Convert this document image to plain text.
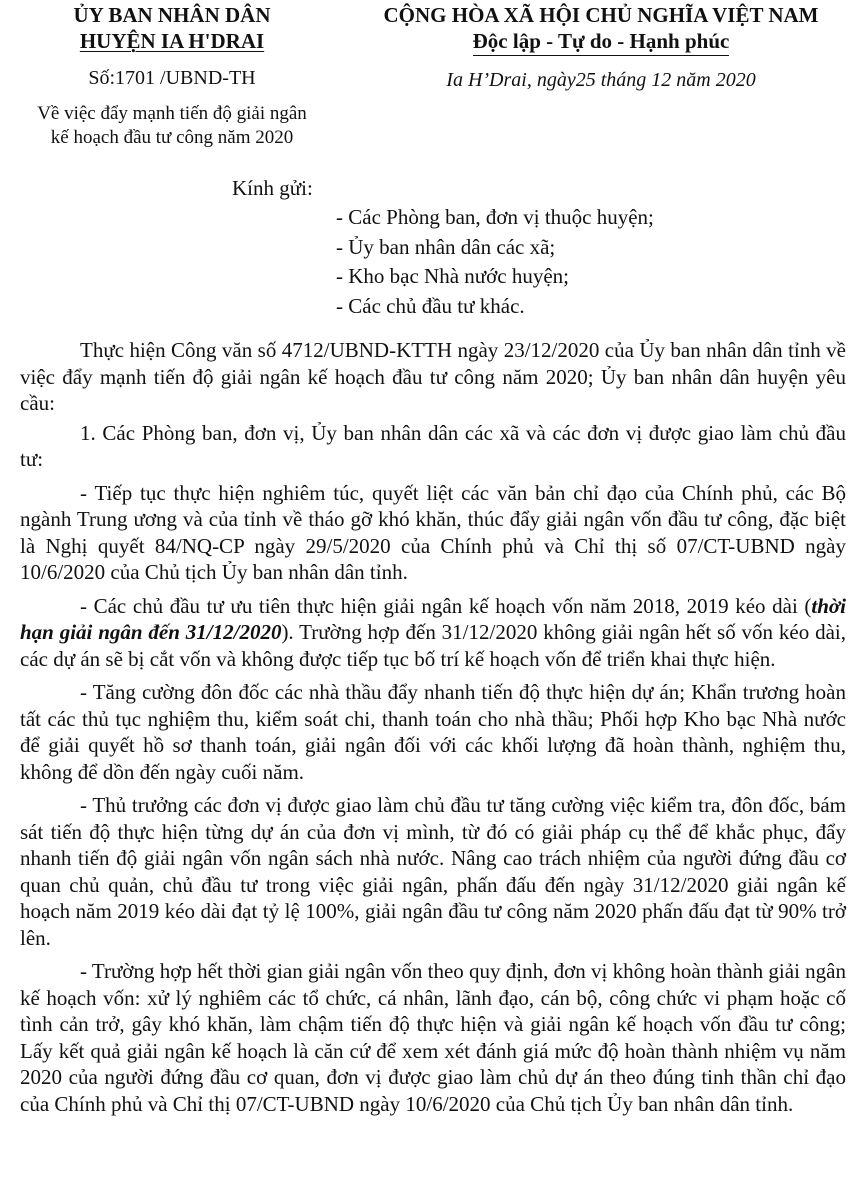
ỦY BAN NHÂN DÂN
HUYỆN IA H'DRAI
Số:1701 /UBND-TH
Về việc đẩy mạnh tiến độ giải ngân
kế hoạch đầu tư công năm 2020
CỘNG HÒA XÃ HỘI CHỦ NGHĨA VIỆT NAM
Độc lập - Tự do - Hạnh phúc
Ia H’Drai, ngày25 tháng 12 năm 2020
Kính gửi:
- Các Phòng ban, đơn vị thuộc huyện;
- Ủy ban nhân dân các xã;
- Kho bạc Nhà nước huyện;
- Các chủ đầu tư khác.

Thực hiện Công văn số 4712/UBND-KTTH ngày 23/12/2020 của Ủy ban nhân dân tỉnh về việc đẩy mạnh tiến độ giải ngân kế hoạch đầu tư công năm 2020; Ủy ban nhân dân huyện yêu cầu:

1. Các Phòng ban, đơn vị, Ủy ban nhân dân các xã và các đơn vị được giao làm chủ đầu tư:

- Tiếp tục thực hiện nghiêm túc, quyết liệt các văn bản chỉ đạo của Chính phủ, các Bộ ngành Trung ương và của tỉnh về tháo gỡ khó khăn, thúc đẩy giải ngân vốn đầu tư công, đặc biệt là Nghị quyết 84/NQ-CP ngày 29/5/2020 của Chính phủ và Chỉ thị số 07/CT-UBND ngày 10/6/2020 của Chủ tịch Ủy ban nhân dân tỉnh.

- Các chủ đầu tư ưu tiên thực hiện giải ngân kế hoạch vốn năm 2018, 2019 kéo dài (thời hạn giải ngân đến 31/12/2020). Trường hợp đến 31/12/2020 không giải ngân hết số vốn kéo dài, các dự án sẽ bị cắt vốn và không được tiếp tục bố trí kế hoạch vốn để triển khai thực hiện.

- Tăng cường đôn đốc các nhà thầu đẩy nhanh tiến độ thực hiện dự án; Khẩn trương hoàn tất các thủ tục nghiệm thu, kiểm soát chi, thanh toán cho nhà thầu; Phối hợp Kho bạc Nhà nước để giải quyết hồ sơ thanh toán, giải ngân đối với các khối lượng đã hoàn thành, nghiệm thu, không để dồn đến ngày cuối năm.

- Thủ trưởng các đơn vị được giao làm chủ đầu tư tăng cường việc kiểm tra, đôn đốc, bám sát tiến độ thực hiện từng dự án của đơn vị mình, từ đó có giải pháp cụ thể để khắc phục, đẩy nhanh tiến độ giải ngân vốn ngân sách nhà nước. Nâng cao trách nhiệm của người đứng đầu cơ quan chủ quản, chủ đầu tư trong việc giải ngân, phấn đấu đến ngày 31/12/2020 giải ngân kế hoạch năm 2019 kéo dài đạt tỷ lệ 100%, giải ngân đầu tư công năm 2020 phấn đấu đạt từ 90% trở lên.

- Trường hợp hết thời gian giải ngân vốn theo quy định, đơn vị không hoàn thành giải ngân kế hoạch vốn: xử lý nghiêm các tổ chức, cá nhân, lãnh đạo, cán bộ, công chức vi phạm hoặc cố tình cản trở, gây khó khăn, làm chậm tiến độ thực hiện và giải ngân kế hoạch vốn đầu tư công; Lấy kết quả giải ngân kế hoạch là căn cứ để xem xét đánh giá mức độ hoàn thành nhiệm vụ năm 2020 của người đứng đầu cơ quan, đơn vị được giao làm chủ dự án theo đúng tinh thần chỉ đạo của Chính phủ và Chỉ thị 07/CT-UBND ngày 10/6/2020 của Chủ tịch Ủy ban nhân dân tỉnh.
